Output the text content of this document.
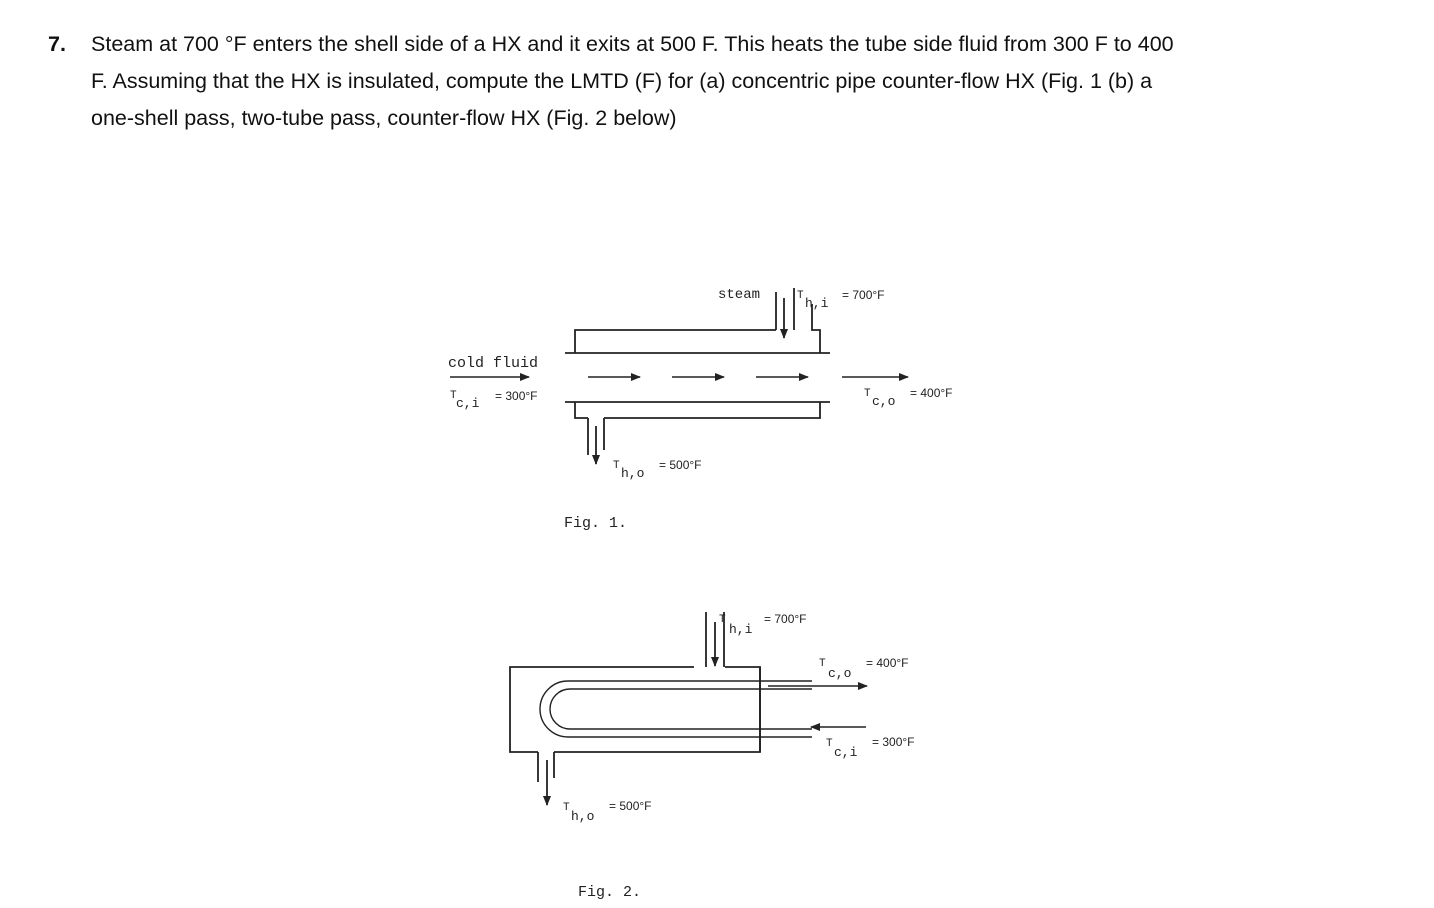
7. Steam at 700 °F enters the shell side of a HX and it exits at 500 F. This heats the tube side fluid from 300 F to 400
F. Assuming that the HX is insulated, compute the LMTD (F) for (a) concentric pipe counter-flow HX (Fig. 1 (b) a
one-shell pass, two-tube pass, counter-flow HX (Fig. 2 below)
steam
cold fluid
T h,i
= 700°F
T c,i = 300°F	T c,o
= 400°F
T h,o
= 500°F
Fig. 1.
T
h,i
= 700°F
T
c,o
= 400°F
T
c,i
= 300°F
T
h,o
= 500°F
Fig. 2.
